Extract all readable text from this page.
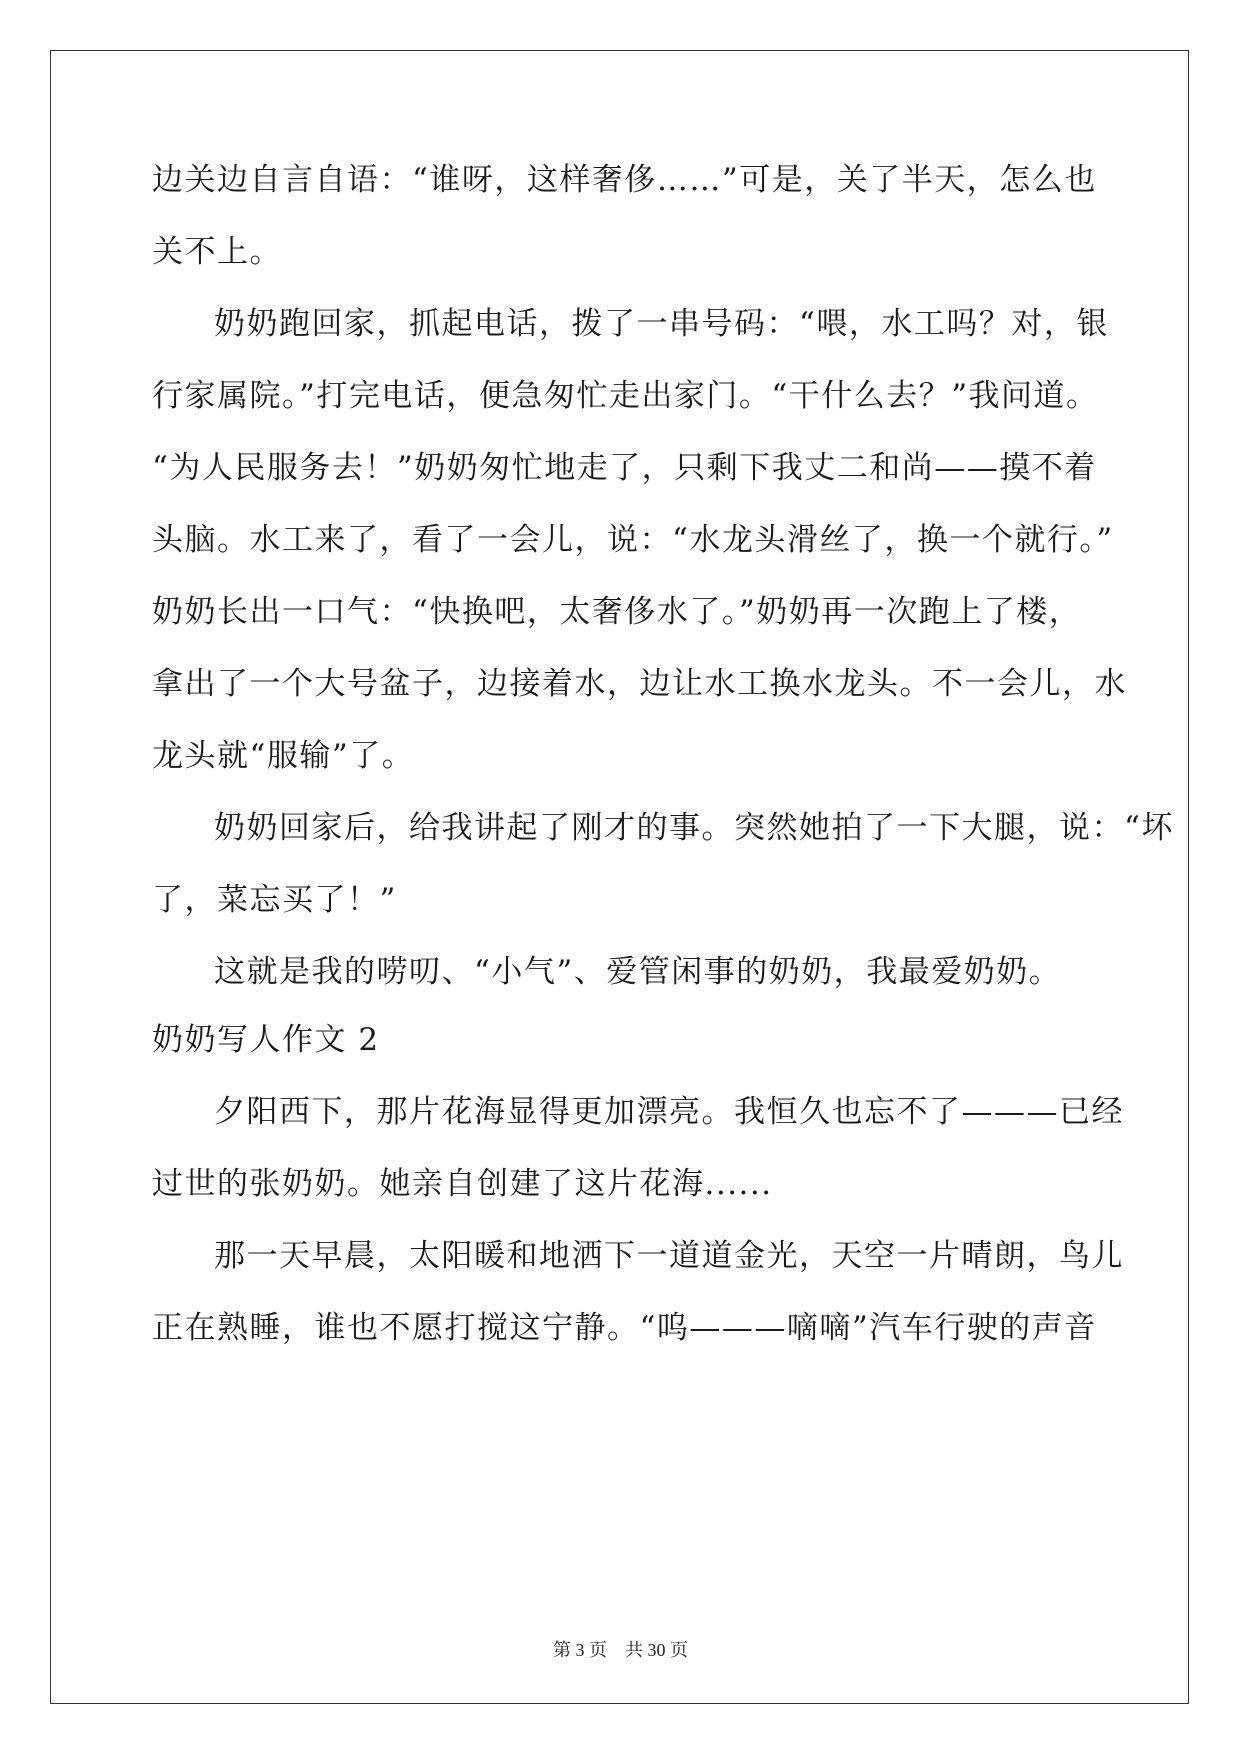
边关边自言自语：“谁呀，这样奢侈……”可是，关了半天，怎么也
关不上。
奶奶跑回家，抓起电话，拨了一串号码：“喂，水工吗？对，银
行家属院。”打完电话，便急匆忙走出家门。“干什么去？”我问道。
“为人民服务去！”奶奶匆忙地走了，只剩下我丈二和尚——摸不着
头脑。水工来了，看了一会儿，说：“水龙头滑丝了，换一个就行。”
奶奶长出一口气：“快换吧，太奢侈水了。”奶奶再一次跑上了楼，
拿出了一个大号盆子，边接着水，边让水工换水龙头。不一会儿，水
龙头就“服输”了。
奶奶回家后，给我讲起了刚才的事。突然她拍了一下大腿，说：“坏
了，菜忘买了！”
这就是我的唠叨、“小气”、爱管闲事的奶奶，我最爱奶奶。
奶奶写人作文 2
夕阳西下，那片花海显得更加漂亮。我恒久也忘不了———已经
过世的张奶奶。她亲自创建了这片花海......
那一天早晨，太阳暖和地洒下一道道金光，天空一片晴朗，鸟儿
正在熟睡，谁也不愿打搅这宁静。“呜———嘀嘀”汽车行驶的声音
第 3 页　共 30 页
